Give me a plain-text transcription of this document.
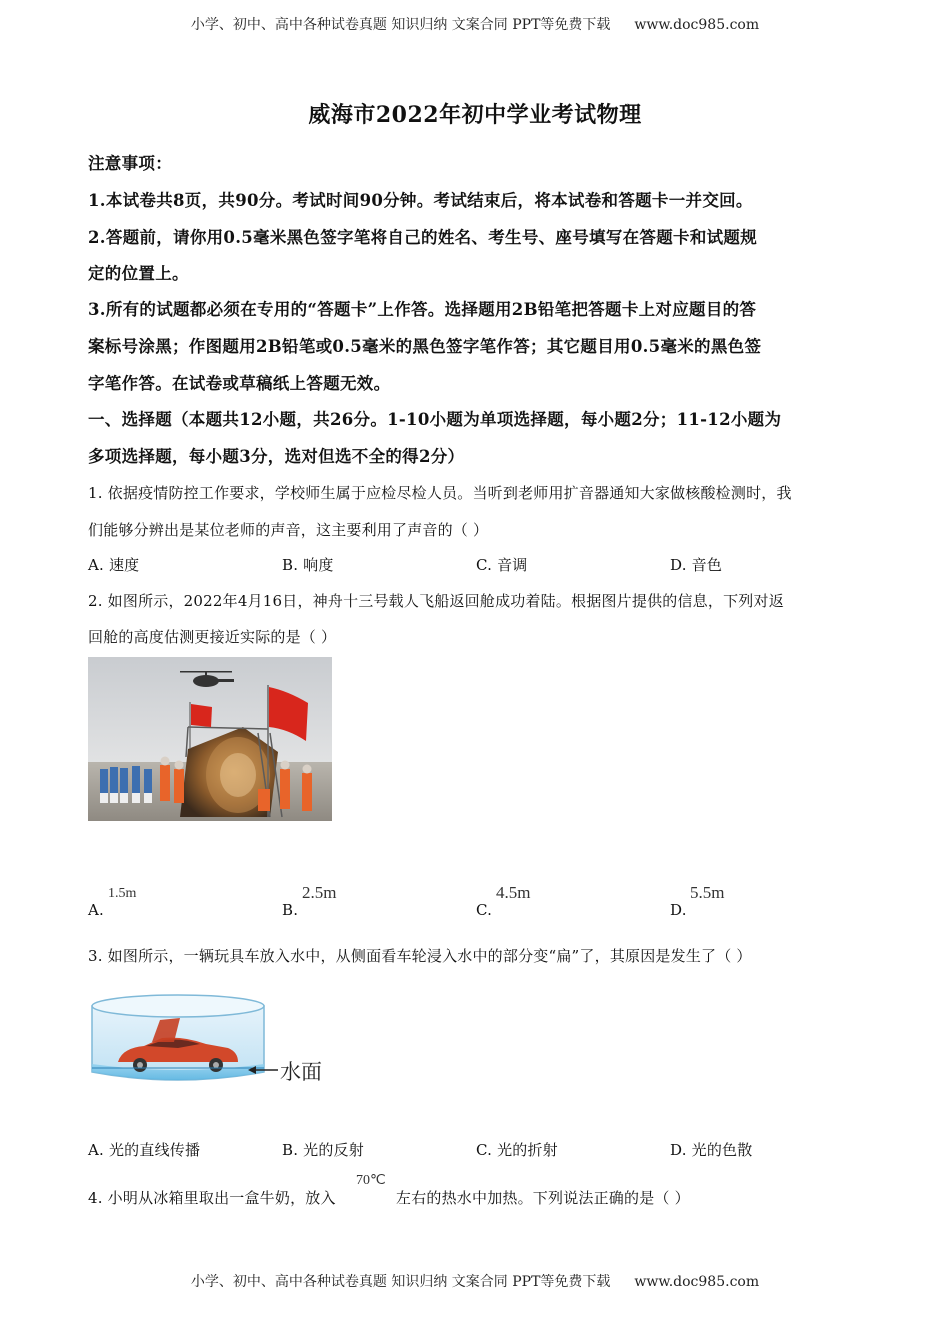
小学、初中、高中各种试卷真题 知识归纳 文案合同 PPT等免费下载 www.doc985.com
威海市2022年初中学业考试物理
注意事项：
1.本试卷共8页，共90分。考试时间90分钟。考试结束后，将本试卷和答题卡一并交回。
2.答题前，请你用0.5毫米黑色签字笔将自己的姓名、考生号、座号填写在答题卡和试题规
定的位置上。
3.所有的试题都必须在专用的“答题卡”上作答。选择题用2B铅笔把答题卡上对应题目的答
案标号涂黑；作图题用2B铅笔或0.5毫米的黑色签字笔作答；其它题目用0.5毫米的黑色签
字笔作答。在试卷或草稿纸上答题无效。
一、选择题（本题共12小题，共26分。1-10小题为单项选择题，每小题2分；11-12小题为
多项选择题，每小题3分，选对但选不全的得2分）
1. 依据疫情防控工作要求，学校师生属于应检尽检人员。当听到老师用扩音器通知大家做核酸检测时，我
们能够分辨出是某位老师的声音，这主要利用了声音的（ ）
A. 速度	B. 响度	C. 音调	D. 音色
2. 如图所示，2022年4月16日，神舟十三号载人飞船返回舱成功着陆。根据图片提供的信息，下列对返
回舱的高度估测更接近实际的是（ ）
A.
1.5m
B.
2.5m
C.
4.5m
D.
5.5m
3. 如图所示，一辆玩具车放入水中，从侧面看车轮浸入水中的部分变“扁”了，其原因是发生了（ ）
水面
A. 光的直线传播	B. 光的反射	C. 光的折射	D. 光的色散
4. 小明从冰箱里取出一盒牛奶，放入
70℃
左右的热水中加热。下列说法正确的是（ ）
小学、初中、高中各种试卷真题 知识归纳 文案合同 PPT等免费下载 www.doc985.com
